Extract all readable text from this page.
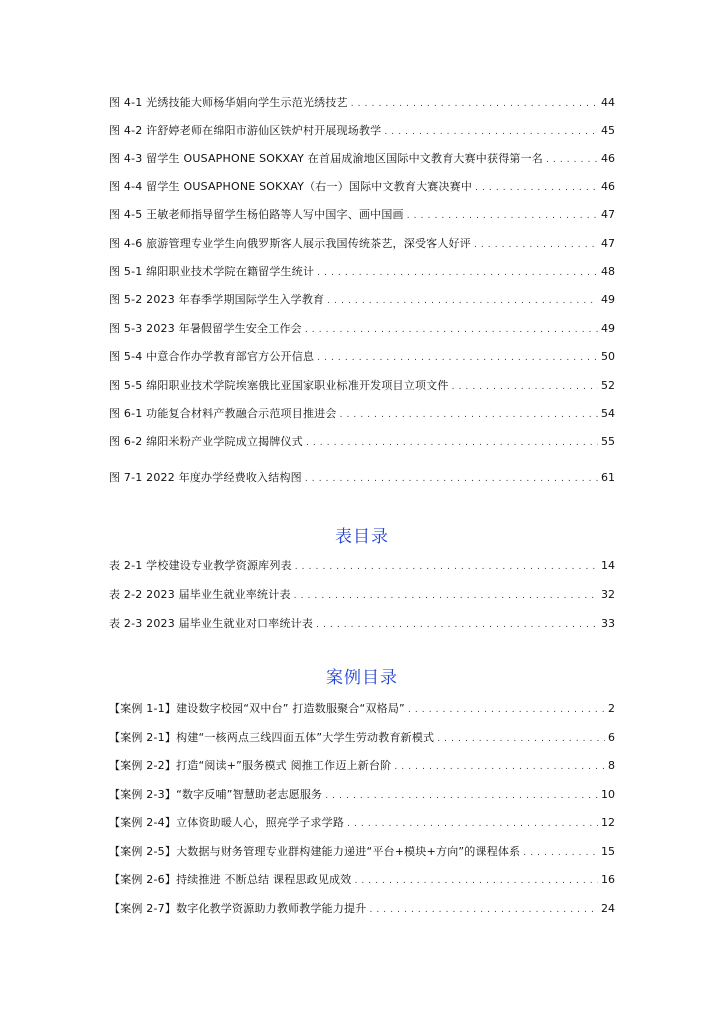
图 4-1 光绣技能大师杨华娟向学生示范光绣技艺 . . .	44
图 4-2 许舒婷老师在绵阳市游仙区铁炉村开展现场教学 . . .	45
图 4-3 留学生 OUSAPHONE SOKXAY 在首届成渝地区国际中文教育大赛中获得第一名 . . .	46
图 4-4 留学生 OUSAPHONE SOKXAY（右一）国际中文教育大赛决赛中 . . .	46
图 4-5 王敏老师指导留学生杨伯路等人写中国字、画中国画 . . .	47
图 4-6 旅游管理专业学生向俄罗斯客人展示我国传统茶艺，深受客人好评 . . .	47
图 5-1 绵阳职业技术学院在籍留学生统计 . . .	48
图 5-2 2023 年春季学期国际学生入学教育 . . .	49
图 5-3 2023 年暑假留学生安全工作会 . . .	49
图 5-4 中意合作办学教育部官方公开信息 . . .	50
图 5-5 绵阳职业技术学院埃塞俄比亚国家职业标准开发项目立项文件 . . .	52
图 6-1 功能复合材料产教融合示范项目推进会 . . .	54
图 6-2 绵阳米粉产业学院成立揭牌仪式 . . .	55
图 7-1 2022 年度办学经费收入结构图 . . .	61
表目录
表 2-1 学校建设专业教学资源库列表 . . .	14
表 2-2 2023 届毕业生就业率统计表 . . .	32
表 2-3 2023 届毕业生就业对口率统计表 . . .	33
案例目录
【案例 1-1】建设数字校园“双中台” 打造数服聚合“双格局” . . .	2
【案例 2-1】构建“一核两点三线四面五体”大学生劳动教育新模式 . . .	6
【案例 2-2】打造“阅读+”服务模式 阅推工作迈上新台阶 . . .	8
【案例 2-3】“数字反哺”智慧助老志愿服务 . . .	10
【案例 2-4】立体资助暖人心，照亮学子求学路 . . .	12
【案例 2-5】大数据与财务管理专业群构建能力递进“平台+模块+方向”的课程体系 . . .	15
【案例 2-6】持续推进 不断总结 课程思政见成效 . . .	16
【案例 2-7】数字化教学资源助力教师教学能力提升 . . .	24
